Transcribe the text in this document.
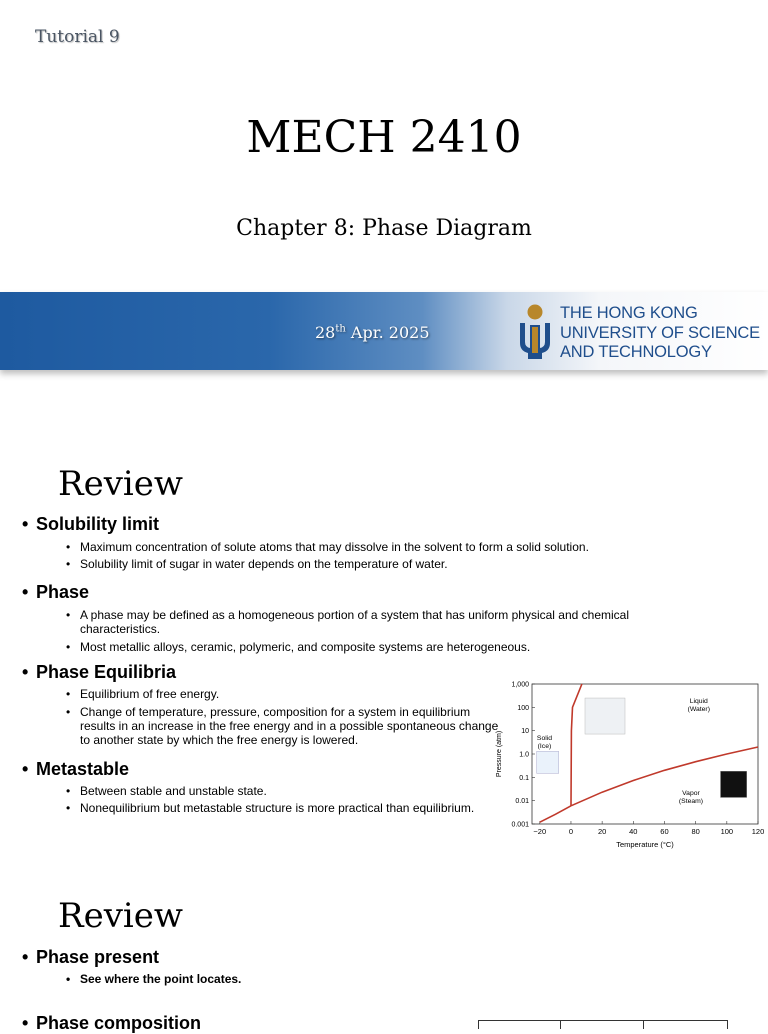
Tutorial 9
MECH 2410
Chapter 8: Phase Diagram
28th Apr. 2025
THE HONG KONG
UNIVERSITY OF SCIENCE
AND TECHNOLOGY
Review
• Solubility limit
• Maximum concentration of solute atoms that may dissolve in the solvent to form a solid solution.
• Solubility limit of sugar in water depends on the temperature of water.
• Phase
• A phase may be defined as a homogeneous portion of a system that has uniform physical and chemical characteristics.
• Most metallic alloys, ceramic, polymeric, and composite systems are heterogeneous.
• Phase Equilibria
• Equilibrium of free energy.
• Change of temperature, pressure, composition for a system in equilibrium results in an increase in the free energy and in a possible spontaneous change to another state by which the free energy is lowered.
• Metastable
• Between stable and unstable state.
• Nonequilibrium but metastable structure is more practical than equilibrium.
−20	0	20	40	60	80	100 120
0.001
0.01
0.1
1.0
10
100
1,000
Temperature (°C)
Pressure (atm)	Solid (Ice)
Liquid (Water)
Vapor (Steam)
Review
• Phase present
• See where the point locates.
• Phase composition
